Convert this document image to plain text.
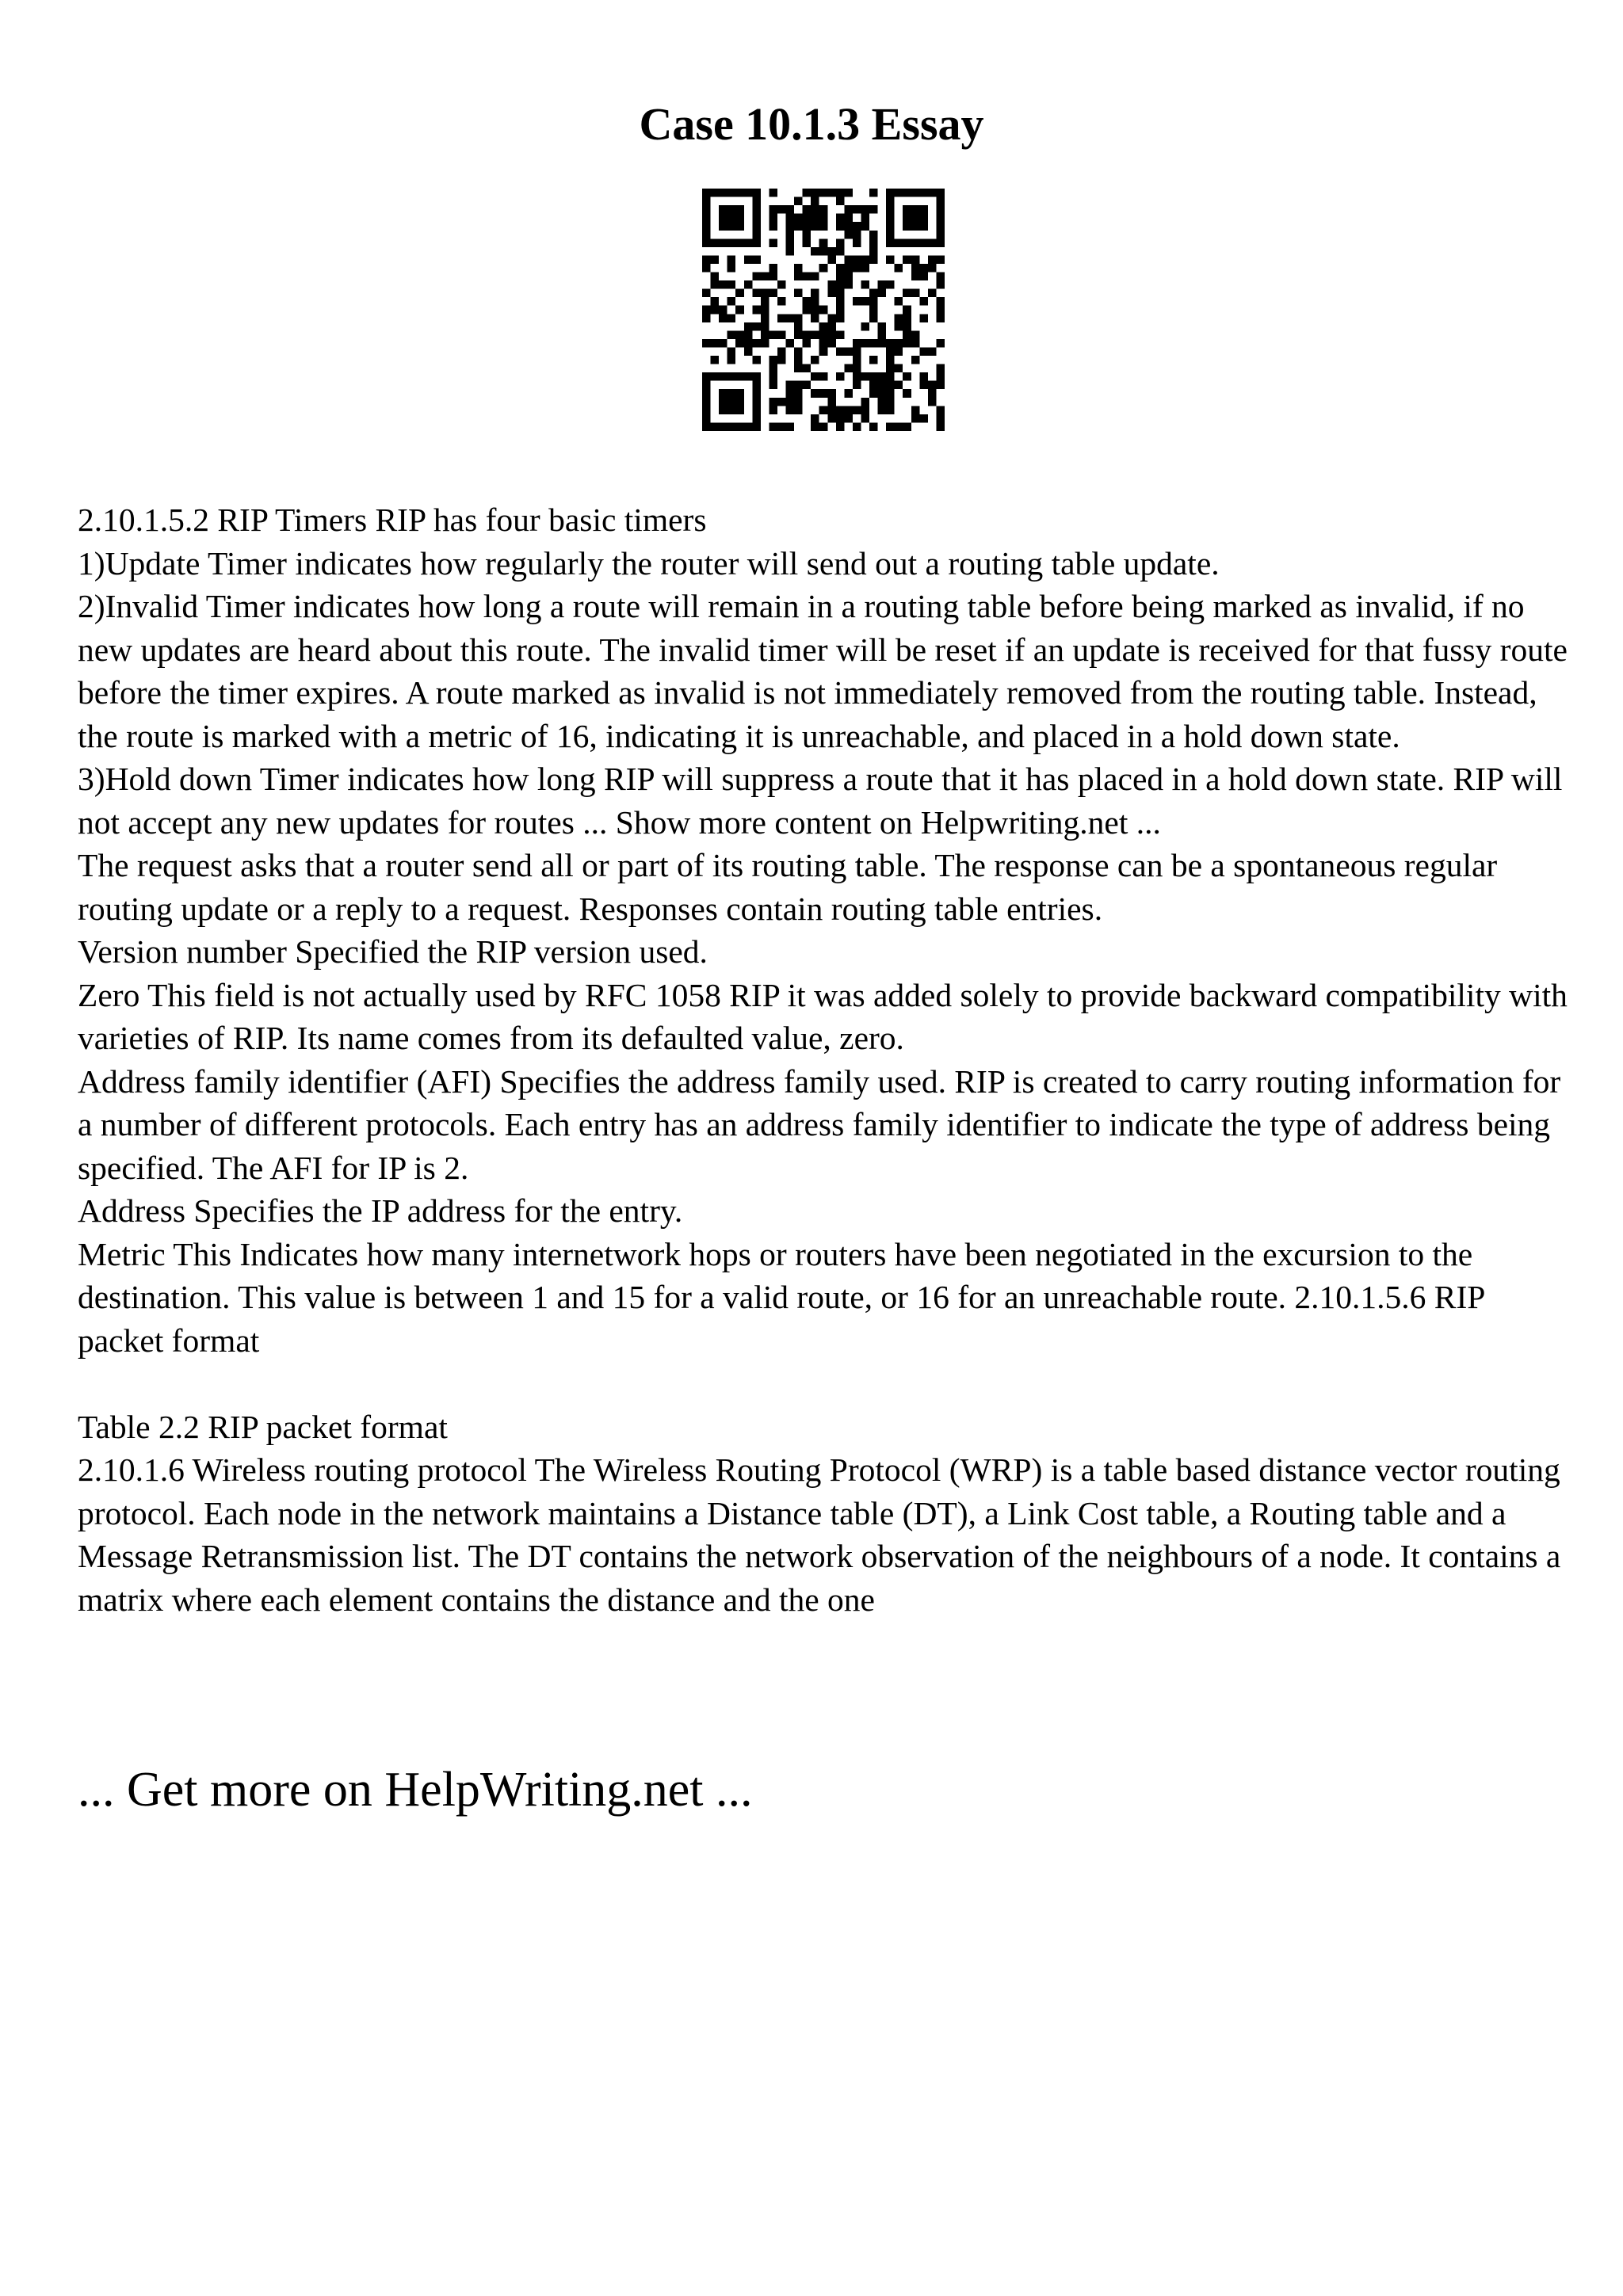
Case 10.1.3 Essay

2.10.1.5.2 RIP Timers RIP has four basic timers

1)Update Timer indicates how regularly the router will send out a routing table update.

2)Invalid Timer indicates how long a route will remain in a routing table before being marked as invalid, if no new updates are heard about this route. The invalid timer will be reset if an update is received for that fussy route before the timer expires. A route marked as invalid is not immediately removed from the routing table. Instead, the route is marked with a metric of 16, indicating it is unreachable, and placed in a hold down state.

3)Hold down Timer indicates how long RIP will suppress a route that it has placed in a hold down state. RIP will not accept any new updates for routes ... Show more content on Helpwriting.net ...

The request asks that a router send all or part of its routing table. The response can be a spontaneous regular routing update or a reply to a request. Responses contain routing table entries.

Version number Specified the RIP version used.

Zero This field is not actually used by RFC 1058 RIP it was added solely to provide backward compatibility with varieties of RIP. Its name comes from its defaulted value, zero.

Address family identifier (AFI) Specifies the address family used. RIP is created to carry routing information for a number of different protocols. Each entry has an address family identifier to indicate the type of address being specified. The AFI for IP is 2.

Address Specifies the IP address for the entry.

Metric This Indicates how many internetwork hops or routers have been negotiated in the excursion to the destination. This value is between 1 and 15 for a valid route, or 16 for an unreachable route. 2.10.1.5.6 RIP packet format

Table 2.2 RIP packet format

2.10.1.6 Wireless routing protocol The Wireless Routing Protocol (WRP) is a table based distance vector routing protocol. Each node in the network maintains a Distance table (DT), a Link Cost table, a Routing table and a Message Retransmission list. The DT contains the network observation of the neighbours of a node. It contains a matrix where each element contains the distance and the one

... Get more on HelpWriting.net ...
